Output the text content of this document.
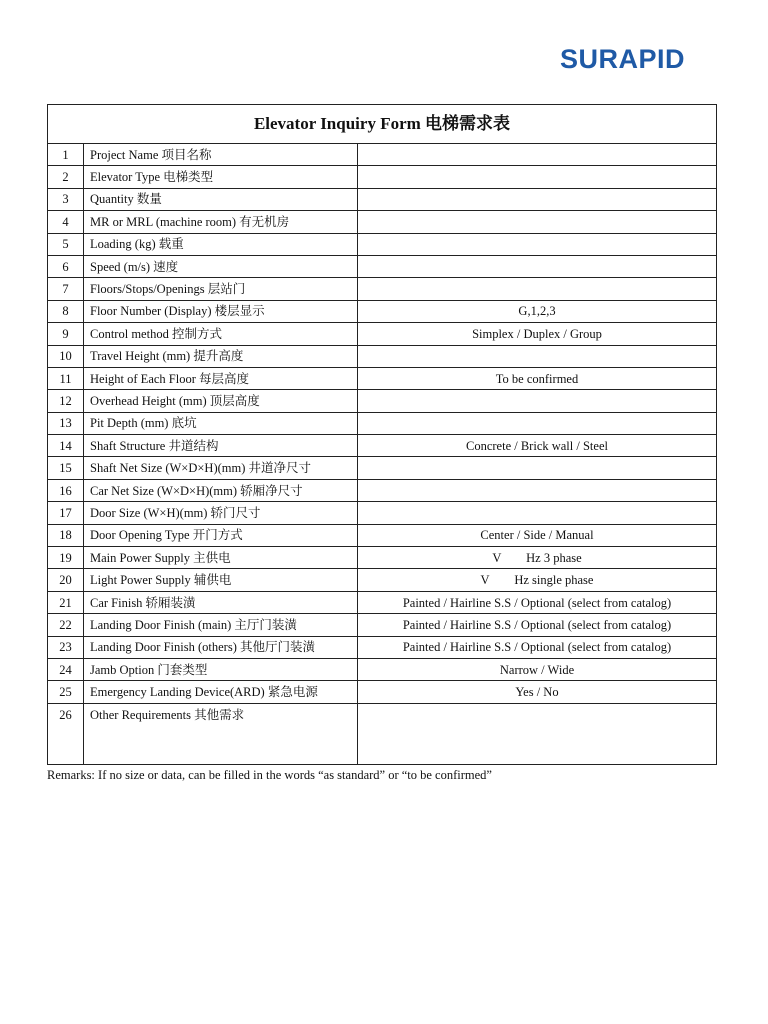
SURAPID
Elevator Inquiry Form 电梯需求表		
1	Project Name 项目名称	
2	Elevator Type 电梯类型	
3	Quantity 数量	
4	MR or MRL (machine room) 有无机房	
5	Loading (kg) 载重	
6	Speed (m/s) 速度	
7	Floors/Stops/Openings 层站门	
8	Floor Number (Display) 楼层显示	G,1,2,3
9	Control method 控制方式	Simplex / Duplex / Group
10	Travel Height (mm) 提升高度	
11	Height of Each Floor 每层高度	To be confirmed
12	Overhead Height (mm) 顶层高度	
13	Pit Depth (mm) 底坑	
14	Shaft Structure 井道结构	Concrete / Brick wall / Steel
15	Shaft Net Size (W×D×H)(mm) 井道净尺寸	
16	Car Net Size (W×D×H)(mm) 轿厢净尺寸	
17	Door Size (W×H)(mm) 轿门尺寸	
18	Door Opening Type 开门方式	Center / Side / Manual
19	Main Power Supply 主供电	V        Hz 3 phase
20	Light Power Supply 辅供电	V        Hz single phase
21	Car Finish 轿厢装潢	Painted / Hairline S.S / Optional (select from catalog)
22	Landing Door Finish (main) 主厅门装潢	Painted / Hairline S.S / Optional (select from catalog)
23	Landing Door Finish (others) 其他厅门装潢	Painted / Hairline S.S / Optional (select from catalog)
24	Jamb Option 门套类型	Narrow / Wide
25	Emergency Landing Device(ARD) 紧急电源	Yes / No
26	Other Requirements 其他需求	
Remarks: If no size or data, can be filled in the words “as standard” or “to be confirmed”
